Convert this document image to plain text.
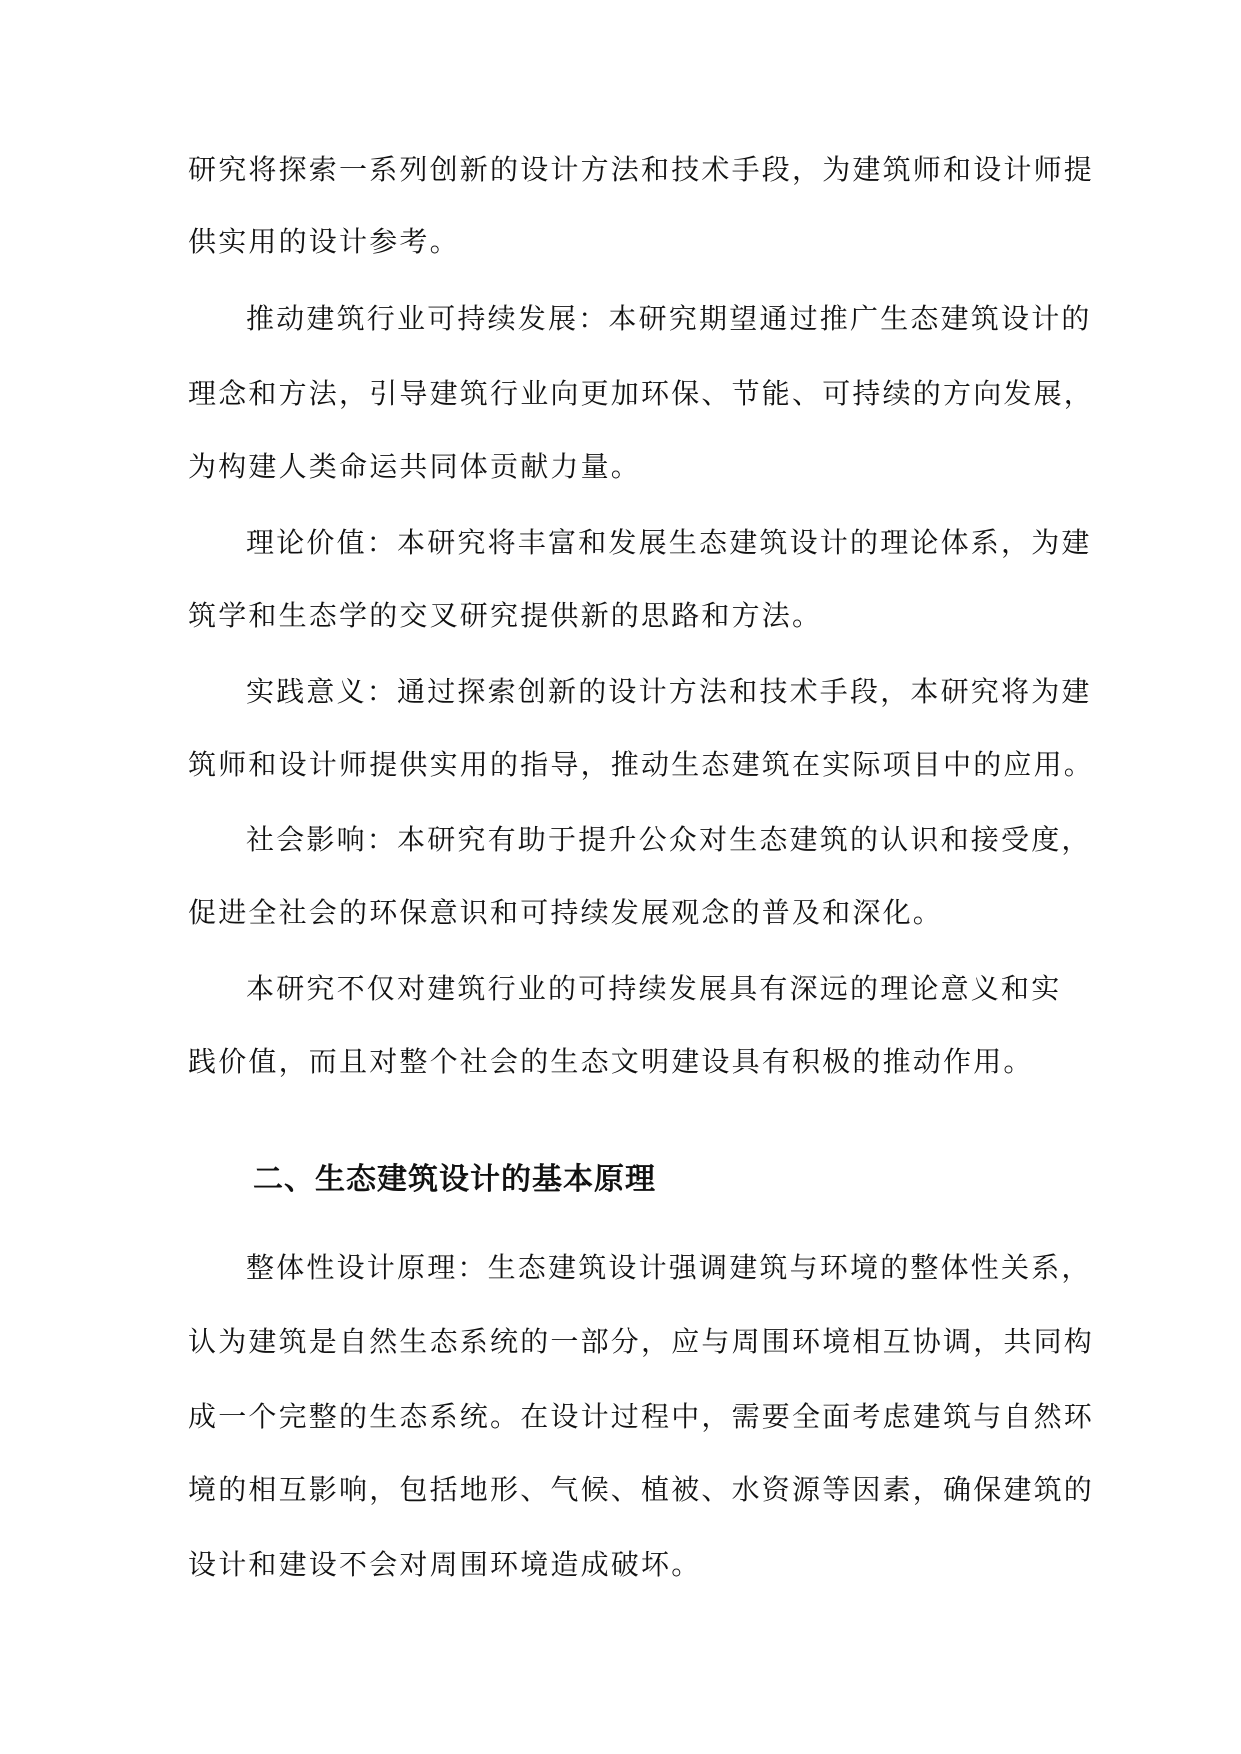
研究将探索一系列创新的设计方法和技术手段，为建筑师和设计师提
供实用的设计参考。
推动建筑行业可持续发展：本研究期望通过推广生态建筑设计的
理念和方法，引导建筑行业向更加环保、节能、可持续的方向发展，
为构建人类命运共同体贡献力量。
理论价值：本研究将丰富和发展生态建筑设计的理论体系，为建
筑学和生态学的交叉研究提供新的思路和方法。
实践意义：通过探索创新的设计方法和技术手段，本研究将为建
筑师和设计师提供实用的指导，推动生态建筑在实际项目中的应用。
社会影响：本研究有助于提升公众对生态建筑的认识和接受度，
促进全社会的环保意识和可持续发展观念的普及和深化。
本研究不仅对建筑行业的可持续发展具有深远的理论意义和实
践价值，而且对整个社会的生态文明建设具有积极的推动作用。
二、生态建筑设计的基本原理
整体性设计原理：生态建筑设计强调建筑与环境的整体性关系，
认为建筑是自然生态系统的一部分，应与周围环境相互协调，共同构
成一个完整的生态系统。在设计过程中，需要全面考虑建筑与自然环
境的相互影响，包括地形、气候、植被、水资源等因素，确保建筑的
设计和建设不会对周围环境造成破坏。
